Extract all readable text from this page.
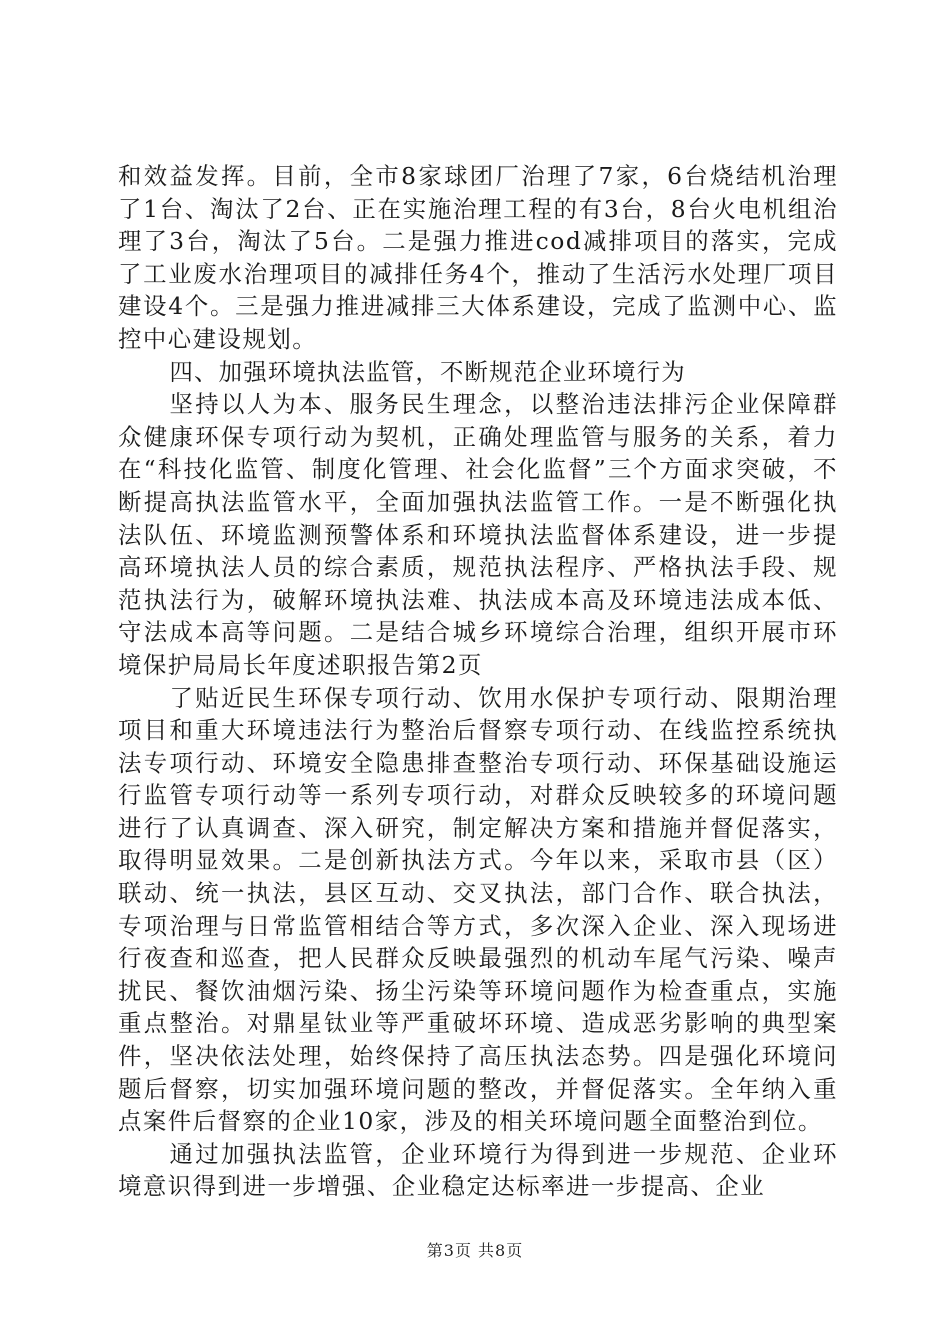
和效益发挥。目前，全市8家球团厂治理了7家，6台烧结机治理了1台、淘汰了2台、正在实施治理工程的有3台，8台火电机组治理了3台，淘汰了5台。二是强力推进cod减排项目的落实，完成了工业废水治理项目的减排任务4个，推动了生活污水处理厂项目建设4个。三是强力推进减排三大体系建设，完成了监测中心、监控中心建设规划。

四、加强环境执法监管，不断规范企业环境行为

坚持以人为本、服务民生理念，以整治违法排污企业保障群众健康环保专项行动为契机，正确处理监管与服务的关系，着力在“科技化监管、制度化管理、社会化监督”三个方面求突破，不断提高执法监管水平，全面加强执法监管工作。一是不断强化执法队伍、环境监测预警体系和环境执法监督体系建设，进一步提高环境执法人员的综合素质，规范执法程序、严格执法手段、规范执法行为，破解环境执法难、执法成本高及环境违法成本低、守法成本高等问题。二是结合城乡环境综合治理，组织开展市环境保护局局长年度述职报告第2页

了贴近民生环保专项行动、饮用水保护专项行动、限期治理项目和重大环境违法行为整治后督察专项行动、在线监控系统执法专项行动、环境安全隐患排查整治专项行动、环保基础设施运行监管专项行动等一系列专项行动，对群众反映较多的环境问题进行了认真调查、深入研究，制定解决方案和措施并督促落实，取得明显效果。二是创新执法方式。今年以来，采取市县（区）联动、统一执法，县区互动、交叉执法，部门合作、联合执法，专项治理与日常监管相结合等方式，多次深入企业、深入现场进行夜查和巡查，把人民群众反映最强烈的机动车尾气污染、噪声扰民、餐饮油烟污染、扬尘污染等环境问题作为检查重点，实施重点整治。对鼎星钛业等严重破坏环境、造成恶劣影响的典型案件，坚决依法处理，始终保持了高压执法态势。四是强化环境问题后督察，切实加强环境问题的整改，并督促落实。全年纳入重点案件后督察的企业10家，涉及的相关环境问题全面整治到位。

通过加强执法监管，企业环境行为得到进一步规范、企业环境意识得到进一步增强、企业稳定达标率进一步提高、企业

第3页 共8页
